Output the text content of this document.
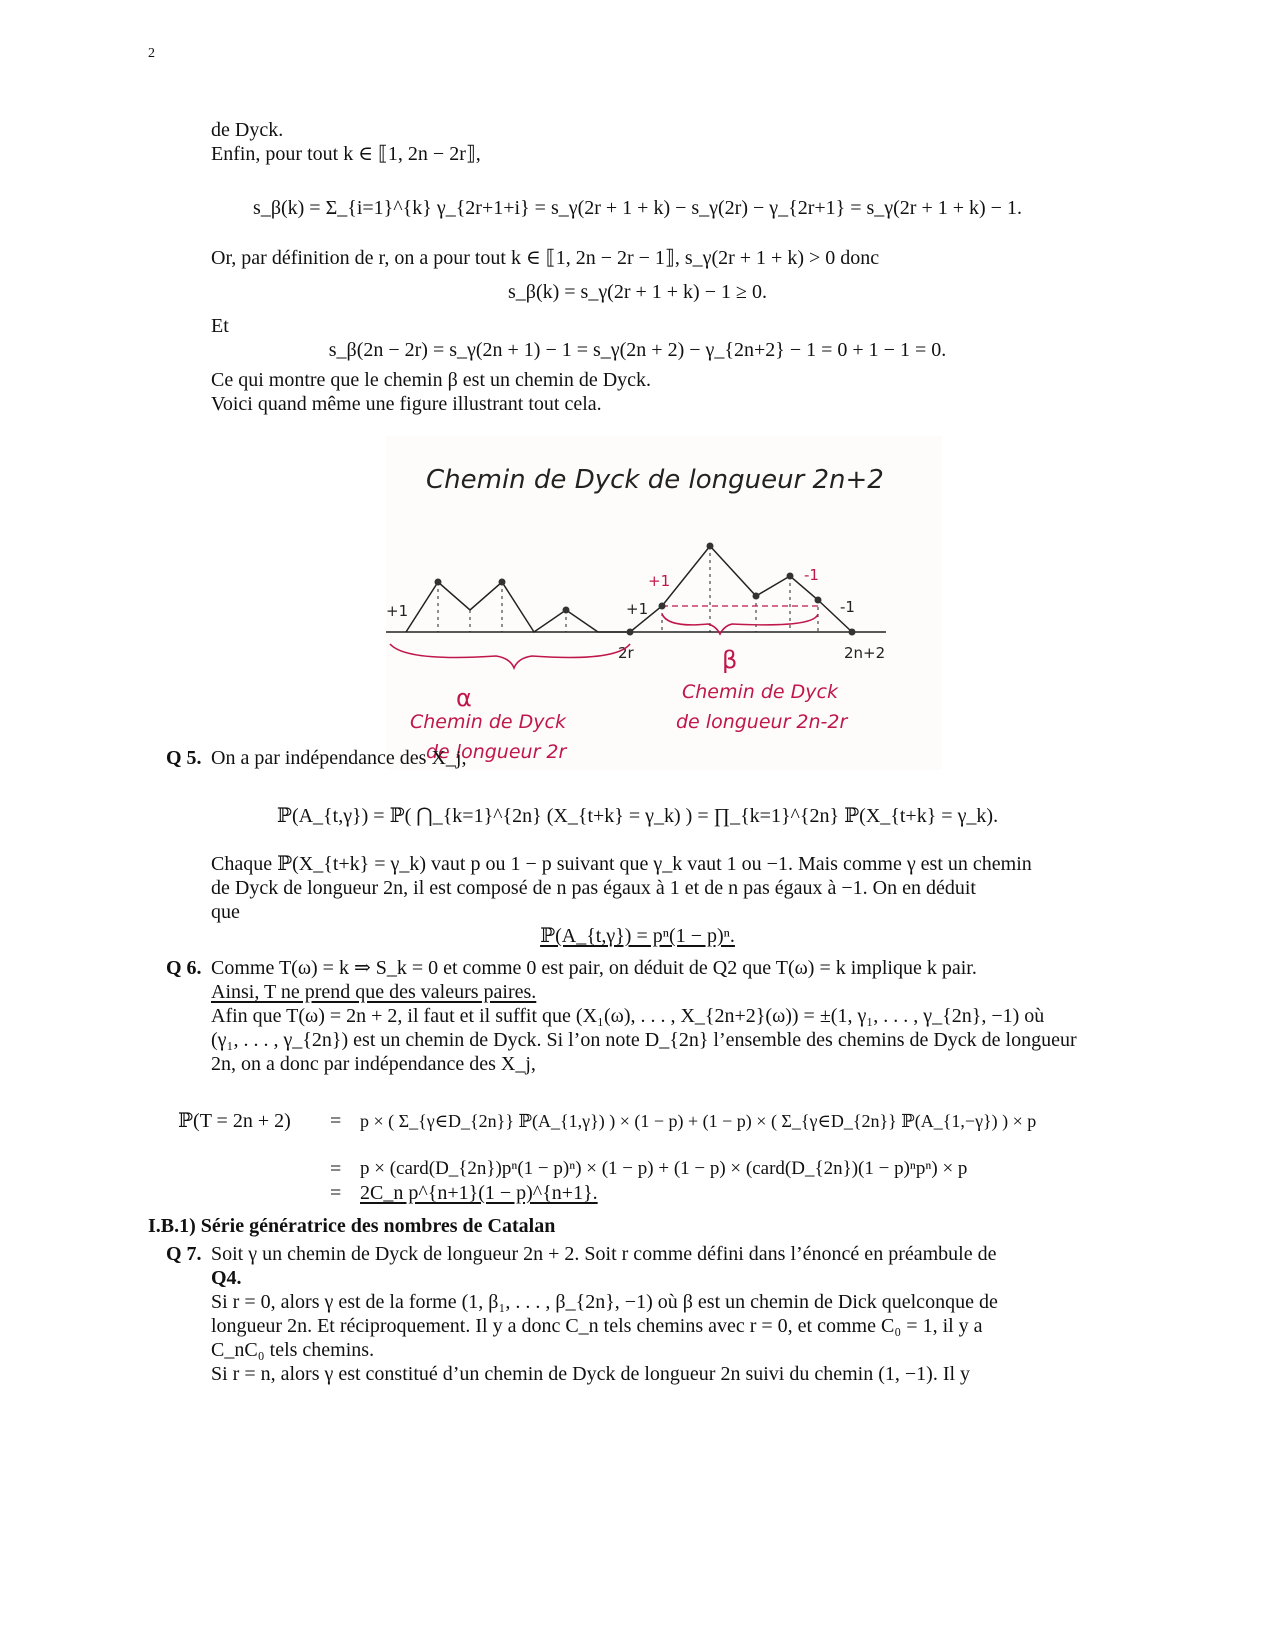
2
de Dyck.
Enfin, pour tout k ∈ ⟦1, 2n − 2r⟧,
s_β(k) = Σ_{i=1}^{k} γ_{2r+1+i} = s_γ(2r + 1 + k) − s_γ(2r) − γ_{2r+1} = s_γ(2r + 1 + k) − 1.
Or, par définition de r, on a pour tout k ∈ ⟦1, 2n − 2r − 1⟧, s_γ(2r + 1 + k) > 0 donc
s_β(k) = s_γ(2r + 1 + k) − 1 ≥ 0.
Et
s_β(2n − 2r) = s_γ(2n + 1) − 1 = s_γ(2n + 2) − γ_{2n+2} − 1 = 0 + 1 − 1 = 0.
Ce qui montre que le chemin β est un chemin de Dyck.
Voici quand même une figure illustrant tout cela.
Chemin de Dyck de longueur 2n+2
+1	+1
+1	-1
-1
2r	2n+2
α
β
Chemin de Dyck
de longueur 2r
Chemin de Dyck
de longueur 2n-2r
Q 5. On a par indépendance des X_j,
ℙ(A_{t,γ}) = ℙ( ⋂_{k=1}^{2n} (X_{t+k} = γ_k) ) = ∏_{k=1}^{2n} ℙ(X_{t+k} = γ_k).
Chaque ℙ(X_{t+k} = γ_k) vaut p ou 1 − p suivant que γ_k vaut 1 ou −1. Mais comme γ est un chemin
de Dyck de longueur 2n, il est composé de n pas égaux à 1 et de n pas égaux à −1. On en déduit
que
ℙ(A_{t,γ}) = pⁿ(1 − p)ⁿ.
Q 6. Comme T(ω) = k ⇒ S_k = 0 et comme 0 est pair, on déduit de Q2 que T(ω) = k implique k pair.
Ainsi, T ne prend que des valeurs paires.
Afin que T(ω) = 2n + 2, il faut et il suffit que (X₁(ω), . . . , X_{2n+2}(ω)) = ±(1, γ₁, . . . , γ_{2n}, −1) où
(γ₁, . . . , γ_{2n}) est un chemin de Dyck. Si l’on note D_{2n} l’ensemble des chemins de Dyck de longueur
2n, on a donc par indépendance des X_j,
ℙ(T = 2n + 2) = p × ( Σ_{γ∈D_{2n}} ℙ(A_{1,γ}) ) × (1 − p) + (1 − p) × ( Σ_{γ∈D_{2n}} ℙ(A_{1,−γ}) ) × p
= p × (card(D_{2n})pⁿ(1 − p)ⁿ) × (1 − p) + (1 − p) × (card(D_{2n})(1 − p)ⁿpⁿ) × p
= 2C_n p^{n+1}(1 − p)^{n+1}.
I.B.1) Série génératrice des nombres de Catalan
Q 7. Soit γ un chemin de Dyck de longueur 2n + 2. Soit r comme défini dans l’énoncé en préambule de
Q4.
Si r = 0, alors γ est de la forme (1, β₁, . . . , β_{2n}, −1) où β est un chemin de Dick quelconque de
longueur 2n. Et réciproquement. Il y a donc C_n tels chemins avec r = 0, et comme C₀ = 1, il y a
C_nC₀ tels chemins.
Si r = n, alors γ est constitué d’un chemin de Dyck de longueur 2n suivi du chemin (1, −1). Il y
